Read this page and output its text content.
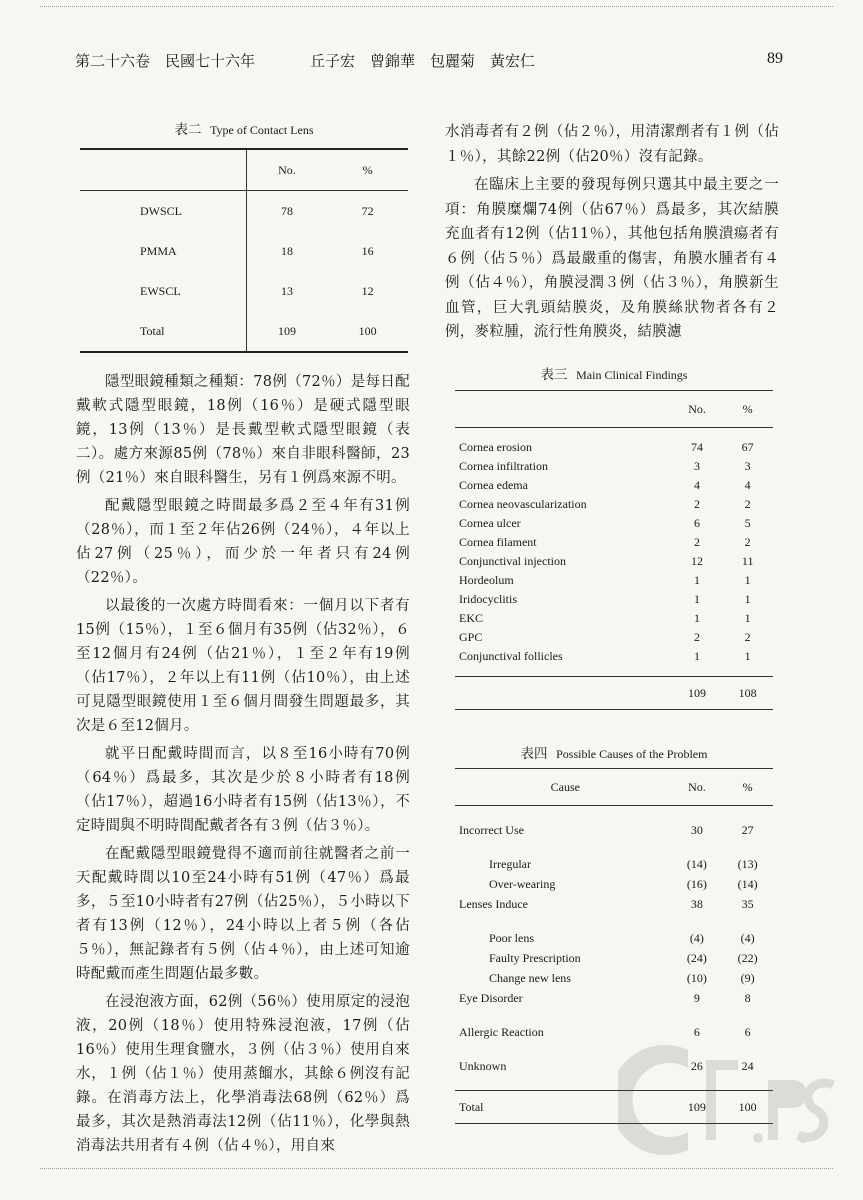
第二十六卷　民國七十六年	丘子宏　曾錦華　包麗菊　黃宏仁	89
表二 Type of Contact Lens
	No.	%
DWSCL	78	72
PMMA	18	16
EWSCL	13	12
Total	109	100

隱型眼鏡種類之種類：78例（72％）是每日配戴軟式隱型眼鏡，18例（16％）是硬式隱型眼鏡，13例（13％）是長戴型軟式隱型眼鏡（表二）。處方來源85例（78％）來自非眼科醫師，23例（21％）來自眼科醫生，另有１例爲來源不明。

配戴隱型眼鏡之時間最多爲２至４年有31例（28％），而１至２年佔26例（24％），４年以上佔27例（25％），而少於一年者只有24例（22％）。

以最後的一次處方時間看來：一個月以下者有15例（15％），１至６個月有35例（佔32％），６至12個月有24例（佔21％），１至２年有19例（佔17％），２年以上有11例（佔10％），由上述可見隱型眼鏡使用１至６個月間發生問題最多，其次是６至12個月。

就平日配戴時間而言，以８至16小時有70例（64％）爲最多，其次是少於８小時者有18例（佔17％），超過16小時者有15例（佔13％），不定時間與不明時間配戴者各有３例（佔３％）。

在配戴隱型眼鏡覺得不適而前往就醫者之前一天配戴時間以10至24小時有51例（47％）爲最多，５至10小時者有27例（佔25％），５小時以下者有13例（12％），24小時以上者５例（各佔５％），無記錄者有５例（佔４％），由上述可知逾時配戴而產生問題佔最多數。

在浸泡液方面，62例（56％）使用原定的浸泡液，20例（18％）使用特殊浸泡液，17例（佔16％）使用生理食鹽水，３例（佔３％）使用自來水，１例（佔１％）使用蒸餾水，其餘６例沒有記錄。在消毒方法上，化學消毒法68例（62％）爲最多，其次是熱消毒法12例（佔11％），化學與熱消毒法共用者有４例（佔４％），用自來

水消毒者有２例（佔２％），用清潔劑者有１例（佔１％），其餘22例（佔20％）沒有記錄。

在臨床上主要的發現每例只選其中最主要之一項：角膜糜爛74例（佔67％）爲最多，其次結膜充血者有12例（佔11％），其他包括角膜潰瘍者有６例（佔５％）爲最嚴重的傷害，角膜水腫者有４例（佔４％），角膜浸潤３例（佔３％），角膜新生血管，巨大乳頭結膜炎，及角膜絲狀物者各有２例，麥粒腫，流行性角膜炎，結膜濾

表三 Main Clinical Findings
	No.	%

Cornea erosion	74	67
Cornea infiltration	3	3
Cornea edema	4	4
Cornea neovascularization	2	2
Cornea ulcer	6	5
Cornea filament	2	2
Conjunctival injection	12	11
Hordeolum	1	1
Iridocyclitis	1	1
EKC	1	1
GPC	2	2
Conjunctival follicles	1	1

	109	108
表四 Possible Causes of the Problem
Cause	No.	%

Incorrect Use	30	27

Irregular	(14)	(13)
Over-wearing	(16)	(14)
Lenses Induce	38	35

Poor lens	(4)	(4)
Faulty Prescription	(24)	(22)
Change new lens	(10)	(9)
Eye Disorder	9	8

Allergic Reaction	6	6

Unknown	26	24

Total	109	100
